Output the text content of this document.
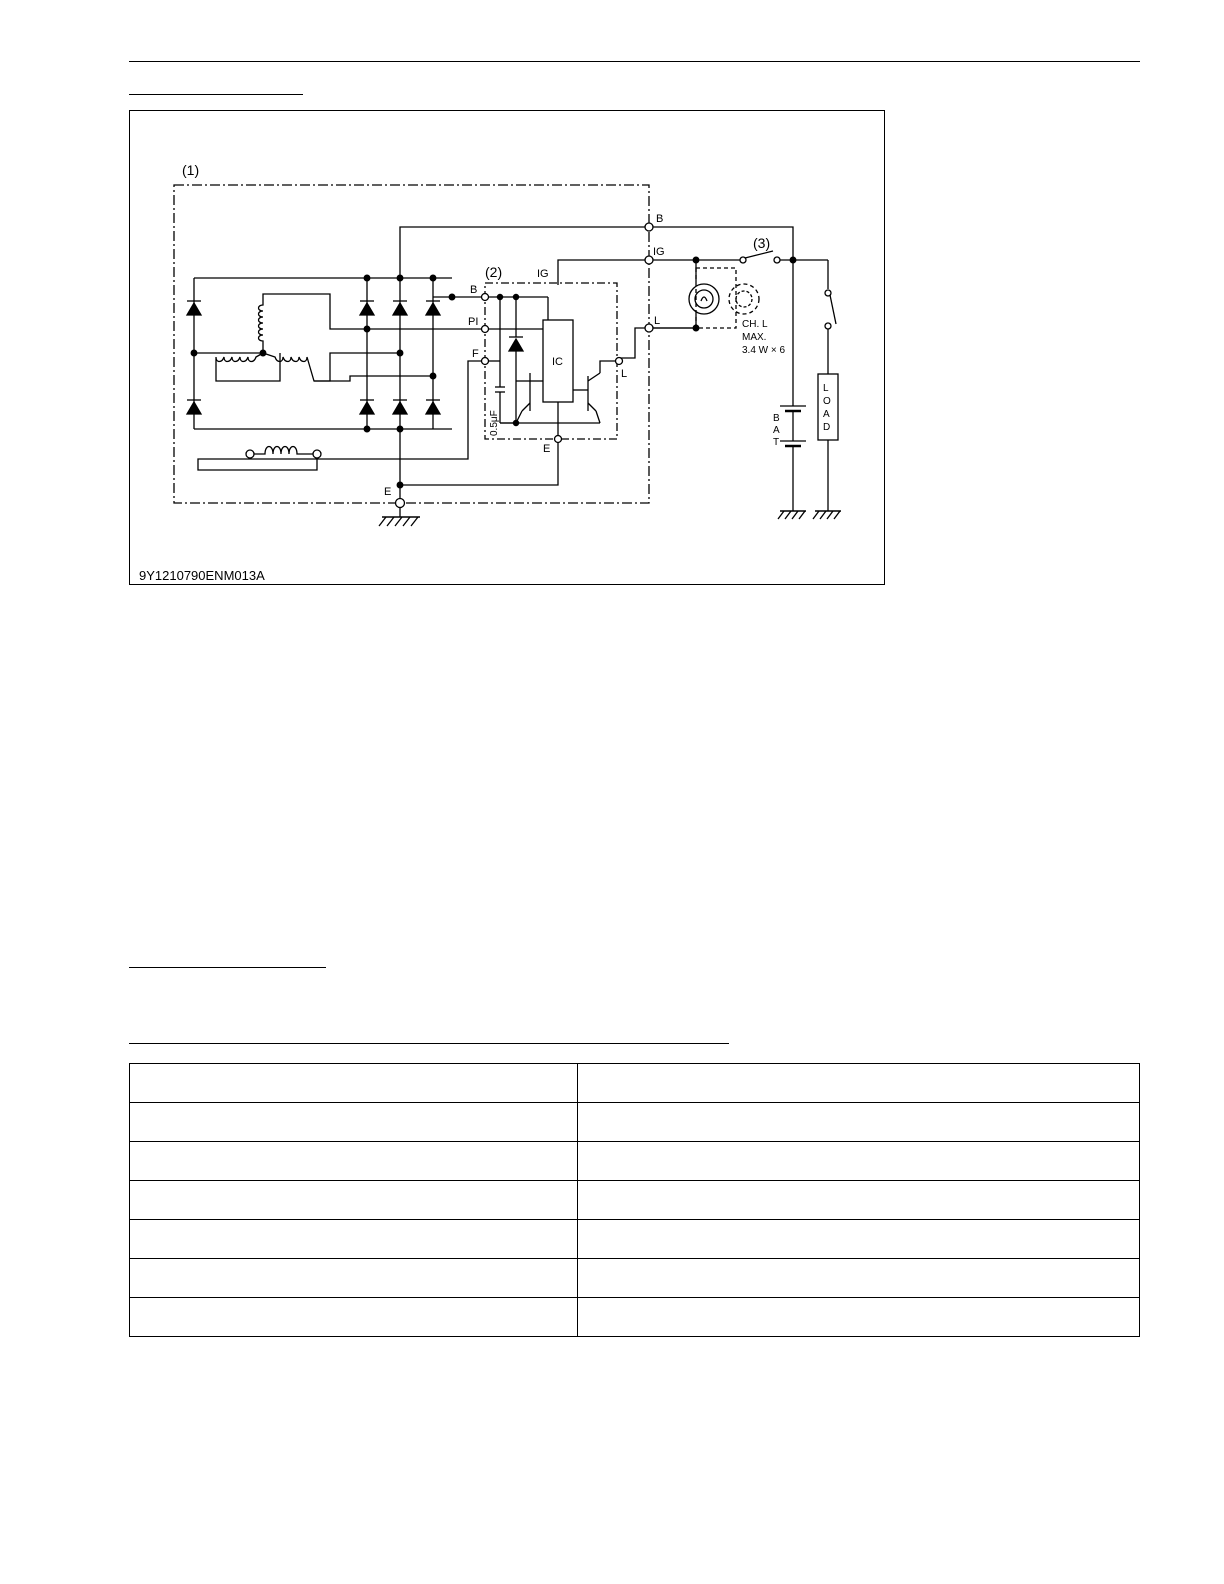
(1)
(2)
(3)
B
IG
L
B
PI
F
IG
L
E
E
IC
0.5μF
CH. L
MAX.
3.4 W × 6
B
A
T
L
O
A
D
9Y1210790ENM013A
